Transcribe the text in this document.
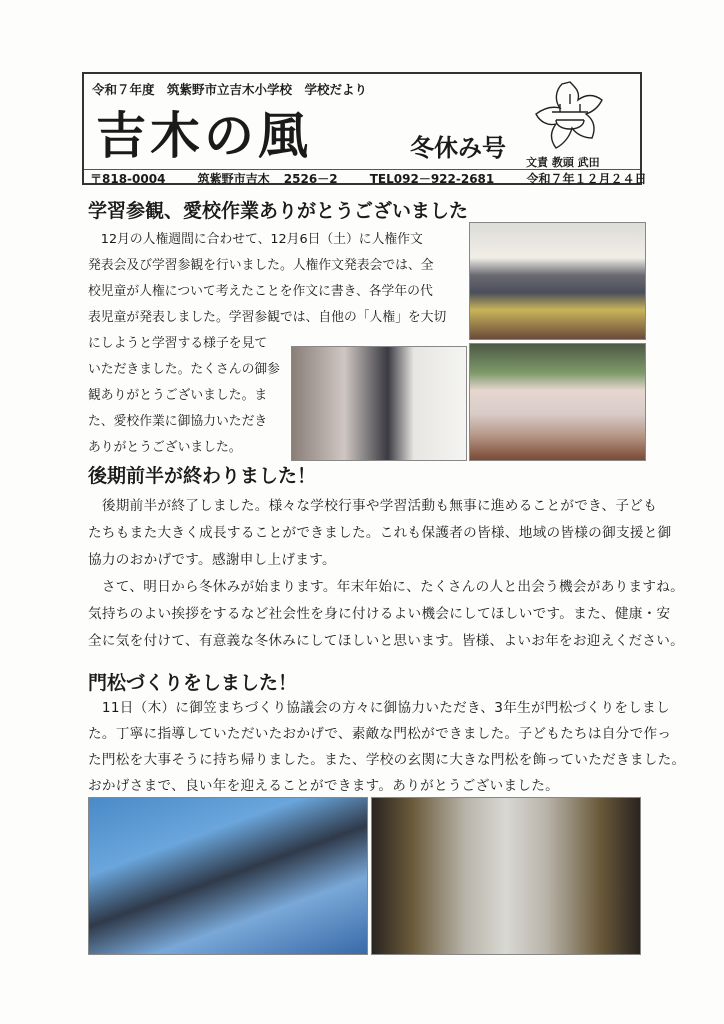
令和７年度　筑紫野市立吉木小学校　学校だより
吉木の風	冬休み号
文責 教頭 武田
〒818-0004	筑紫野市吉木 2526－2	TEL092－922-2681	令和７年１２月２４日
学習参観、愛校作業ありがとうございました
　12月の人権週間に合わせて、12月6日（土）に人権作文
発表会及び学習参観を行いました。人権作文発表会では、全
校児童が人権について考えたことを作文に書き、各学年の代
表児童が発表しました。学習参観では、自他の「人権」を大切
にしようと学習する様子を見て
いただきました。たくさんの御参
観ありがとうございました。ま
た、愛校作業に御協力いただき
ありがとうございました。
後期前半が終わりました！
　後期前半が終了しました。様々な学校行事や学習活動も無事に進めることができ、子ども
たちもまた大きく成長することができました。これも保護者の皆様、地域の皆様の御支援と御
協力のおかげです。感謝申し上げます。
　さて、明日から冬休みが始まります。年末年始に、たくさんの人と出会う機会がありますね。
気持ちのよい挨拶をするなど社会性を身に付けるよい機会にしてほしいです。また、健康・安
全に気を付けて、有意義な冬休みにしてほしいと思います。皆様、よいお年をお迎えください。
門松づくりをしました！
　11日（木）に御笠まちづくり協議会の方々に御協力いただき、3年生が門松づくりをしまし
た。丁寧に指導していただいたおかげで、素敵な門松ができました。子どもたちは自分で作っ
た門松を大事そうに持ち帰りました。また、学校の玄関に大きな門松を飾っていただきました。
おかげさまで、良い年を迎えることができます。ありがとうございました。
